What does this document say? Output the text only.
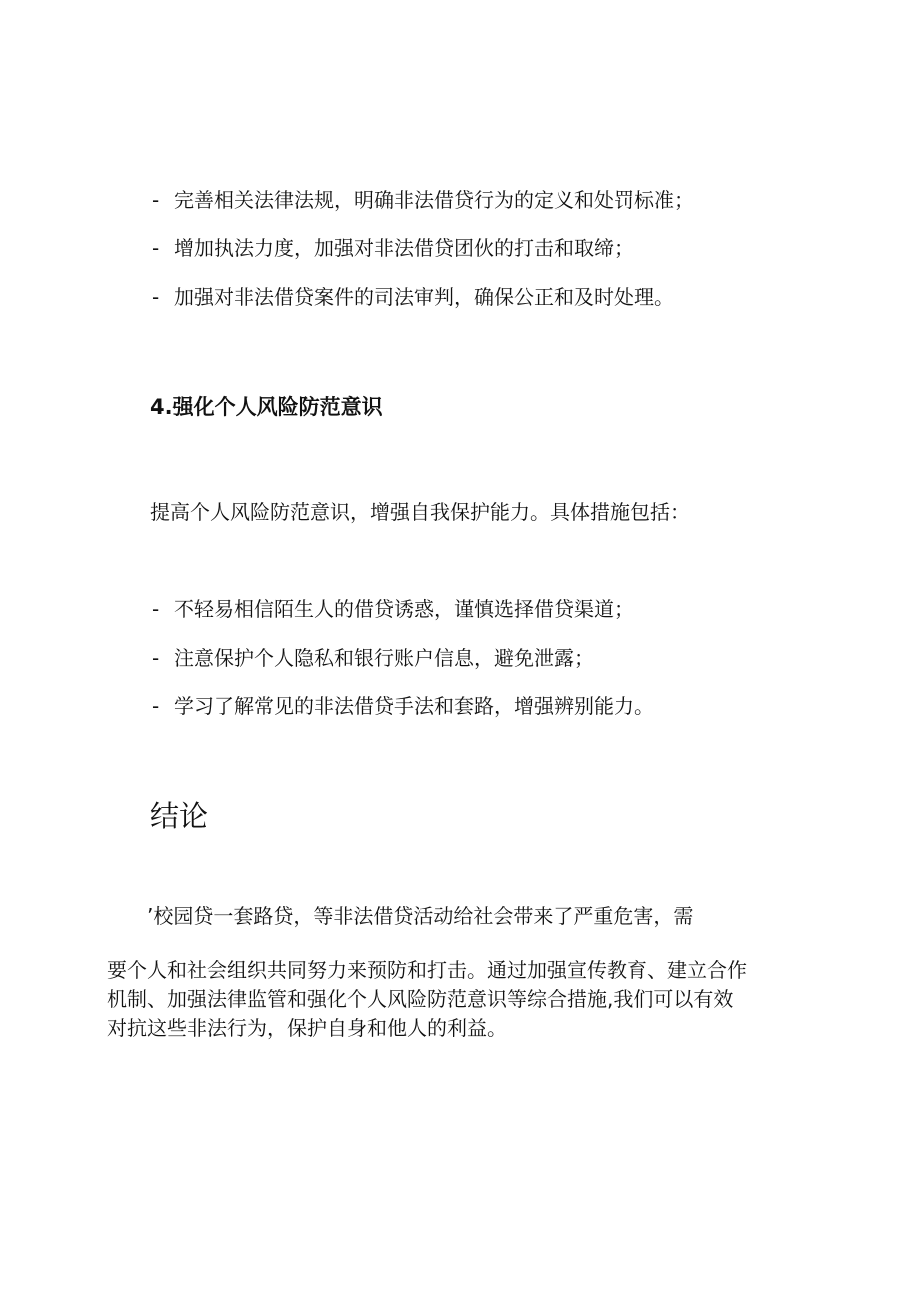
- 完善相关法律法规，明确非法借贷行为的定义和处罚标准；
- 增加执法力度，加强对非法借贷团伙的打击和取缔；
- 加强对非法借贷案件的司法审判，确保公正和及时处理。
4.强化个人风险防范意识
提高个人风险防范意识，增强自我保护能力。具体措施包括：
- 不轻易相信陌生人的借贷诱惑，谨慎选择借贷渠道；
- 注意保护个人隐私和银行账户信息，避免泄露；
- 学习了解常见的非法借贷手法和套路，增强辨别能力。
结论
’校园贷一套路贷，等非法借贷活动给社会带来了严重危害，需
要个人和社会组织共同努力来预防和打击。通过加强宣传教育、建立合作
机制、加强法律监管和强化个人风险防范意识等综合措施,我们可以有效
对抗这些非法行为，保护自身和他人的利益。
